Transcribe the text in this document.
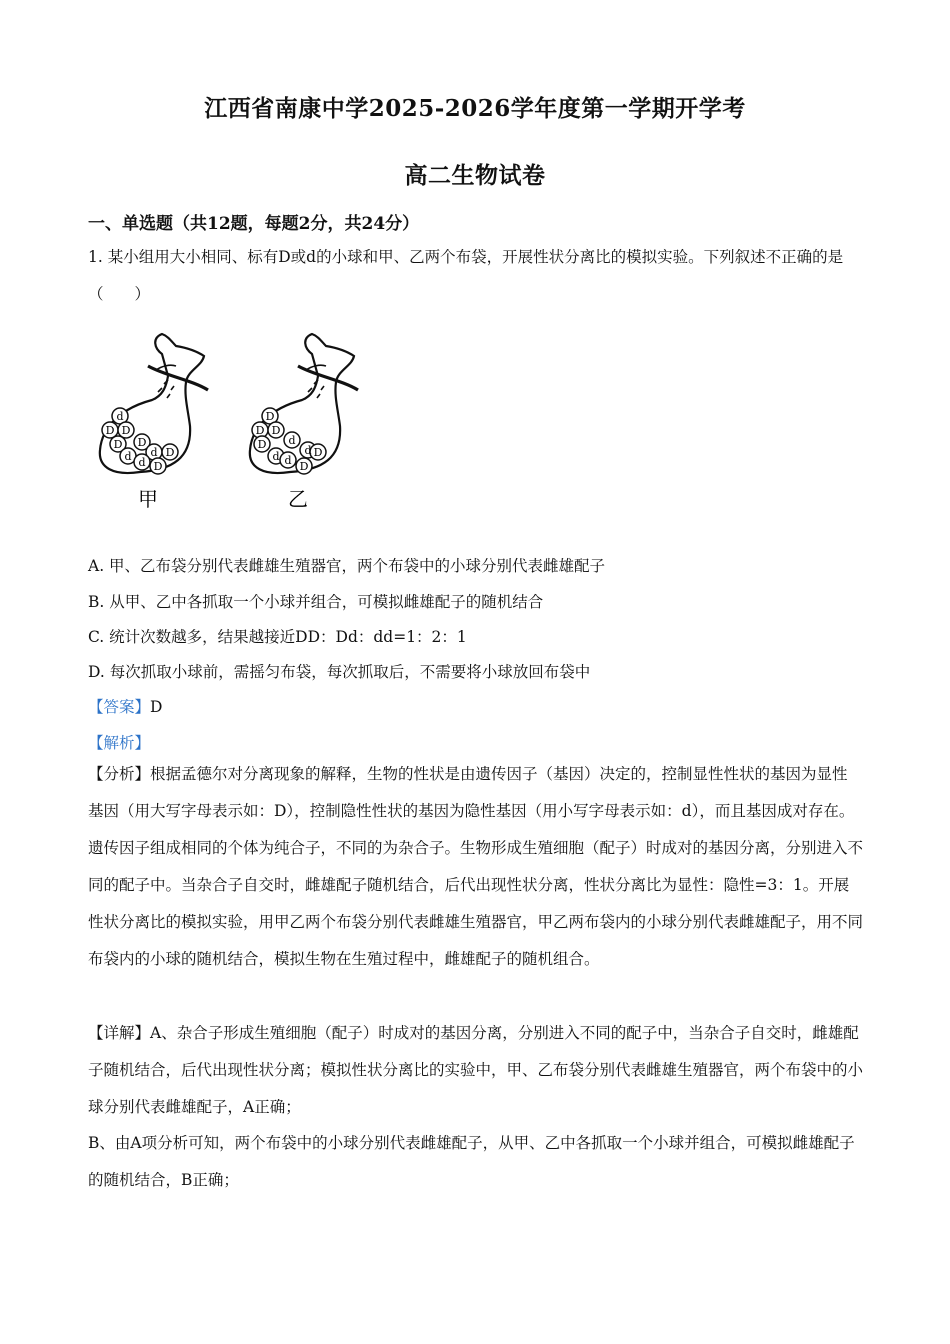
江西省南康中学2025-2026学年度第一学期开学考
高二生物试卷
一、单选题（共12题，每题2分，共24分）
1. 某小组用大小相同、标有D或d的小球和甲、乙两个布袋，开展性状分离比的模拟实验。下列叙述不正确的是（　　）
d
D D
D D
d d D
d D
甲
D
D D
D d
d d
d D
D
乙
A. 甲、乙布袋分别代表雌雄生殖器官，两个布袋中的小球分别代表雌雄配子
B. 从甲、乙中各抓取一个小球并组合，可模拟雌雄配子的随机结合
C. 统计次数越多，结果越接近DD：Dd：dd=1：2：1
D. 每次抓取小球前，需摇匀布袋，每次抓取后，不需要将小球放回布袋中
【答案】D
【解析】
【分析】根据孟德尔对分离现象的解释，生物的性状是由遗传因子（基因）决定的，控制显性性状的基因为显性基因（用大写字母表示如：D），控制隐性性状的基因为隐性基因（用小写字母表示如：d），而且基因成对存在。遗传因子组成相同的个体为纯合子，不同的为杂合子。生物形成生殖细胞（配子）时成对的基因分离，分别进入不同的配子中。当杂合子自交时，雌雄配子随机结合，后代出现性状分离，性状分离比为显性：隐性=3：1。开展性状分离比的模拟实验，用甲乙两个布袋分别代表雌雄生殖器官，甲乙两布袋内的小球分别代表雌雄配子，用不同布袋内的小球的随机结合，模拟生物在生殖过程中，雌雄配子的随机组合。
【详解】A、杂合子形成生殖细胞（配子）时成对的基因分离，分别进入不同的配子中，当杂合子自交时，雌雄配子随机结合，后代出现性状分离；模拟性状分离比的实验中，甲、乙布袋分别代表雌雄生殖器官，两个布袋中的小球分别代表雌雄配子，A正确；
B、由A项分析可知，两个布袋中的小球分别代表雌雄配子，从甲、乙中各抓取一个小球并组合，可模拟雌雄配子的随机结合，B正确；
